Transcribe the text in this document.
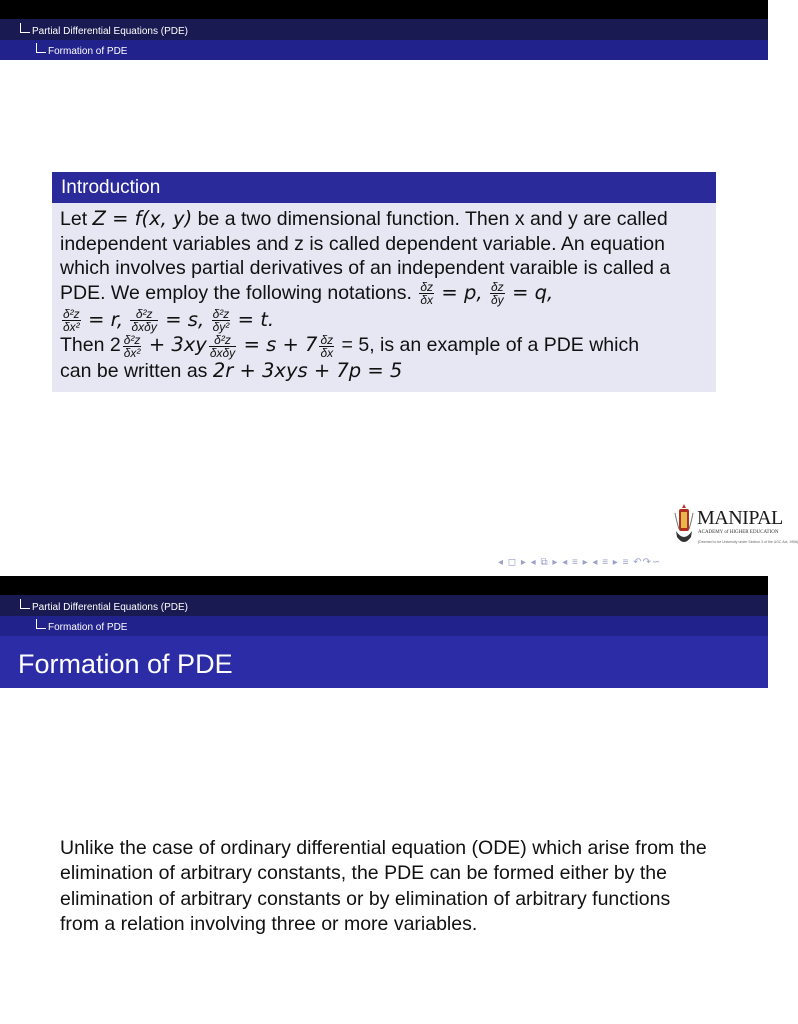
Partial Differential Equations (PDE)
Formation of PDE
Introduction
Let Z = f(x, y) be a two dimensional function. Then x and y are called independent variables and z is called dependent variable. An equation which involves partial derivatives of an independent varaible is called a PDE. We employ the following notations. $\frac{\delta z}{\delta x} = p$, $\frac{\delta z}{\delta y} = q$,
$\frac{\text{δ²z}}{\text{δx²}} = r$, $\frac{\text{δ²z}}{\text{δxδy}} = s$, $\frac{\text{δ²z}}{\text{δy²}} = t$.
Then $2 \frac{\text{δ²z}}{\text{δx²}} + 3xy \frac{\text{δ²z}}{\text{δxδy}} = s + 7 \frac{\delta z}{\delta x} = 5$, is an example of a PDE which
can be written as 2r + 3xys + 7p = 5
MANIPAL
ACADEMY of HIGHER EDUCATION
(Deemed to be University under Section 3 of the UGC Act, 1956)
◂ ◻ ▸ ◂ ⧉ ▸ ◂ ≡ ▸ ◂ ≡ ▸ ≡ ↶↷∽
Partial Differential Equations (PDE)
Formation of PDE
Formation of PDE
Unlike the case of ordinary differential equation (ODE) which arise from the elimination of arbitrary constants, the PDE can be formed either by the elimination of arbitrary constants or by elimination of arbitrary functions from a relation involving three or more variables.
